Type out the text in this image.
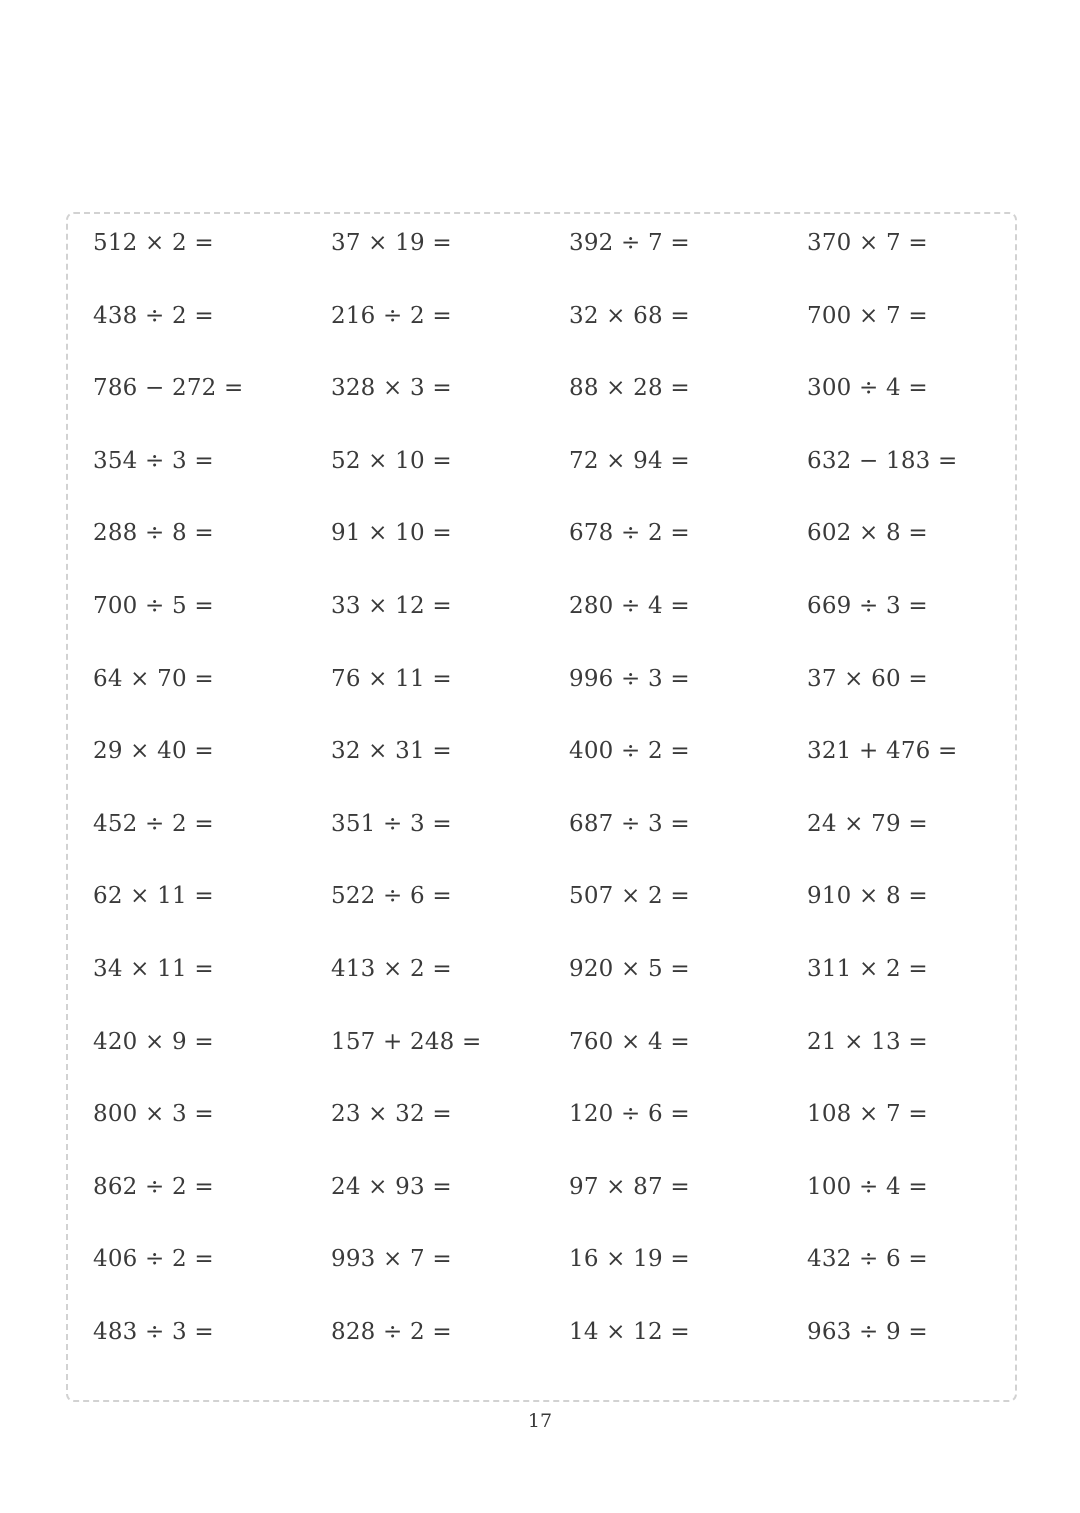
512 × 2 =	37 × 19 =	392 ÷ 7 =	370 × 7 =
438 ÷ 2 =	216 ÷ 2 =	32 × 68 =	700 × 7 =
786 − 272 =	328 × 3 =	88 × 28 =	300 ÷ 4 =
354 ÷ 3 =	52 × 10 =	72 × 94 =	632 − 183 =
288 ÷ 8 =	91 × 10 =	678 ÷ 2 =	602 × 8 =
700 ÷ 5 =	33 × 12 =	280 ÷ 4 =	669 ÷ 3 =
64 × 70 =	76 × 11 =	996 ÷ 3 =	37 × 60 =
29 × 40 =	32 × 31 =	400 ÷ 2 =	321 + 476 =
452 ÷ 2 =	351 ÷ 3 =	687 ÷ 3 =	24 × 79 =
62 × 11 =	522 ÷ 6 =	507 × 2 =	910 × 8 =
34 × 11 =	413 × 2 =	920 × 5 =	311 × 2 =
420 × 9 =	157 + 248 =	760 × 4 =	21 × 13 =
800 × 3 =	23 × 32 =	120 ÷ 6 =	108 × 7 =
862 ÷ 2 =	24 × 93 =	97 × 87 =	100 ÷ 4 =
406 ÷ 2 =	993 × 7 =	16 × 19 =	432 ÷ 6 =
483 ÷ 3 =	828 ÷ 2 =	14 × 12 =	963 ÷ 9 =
17
